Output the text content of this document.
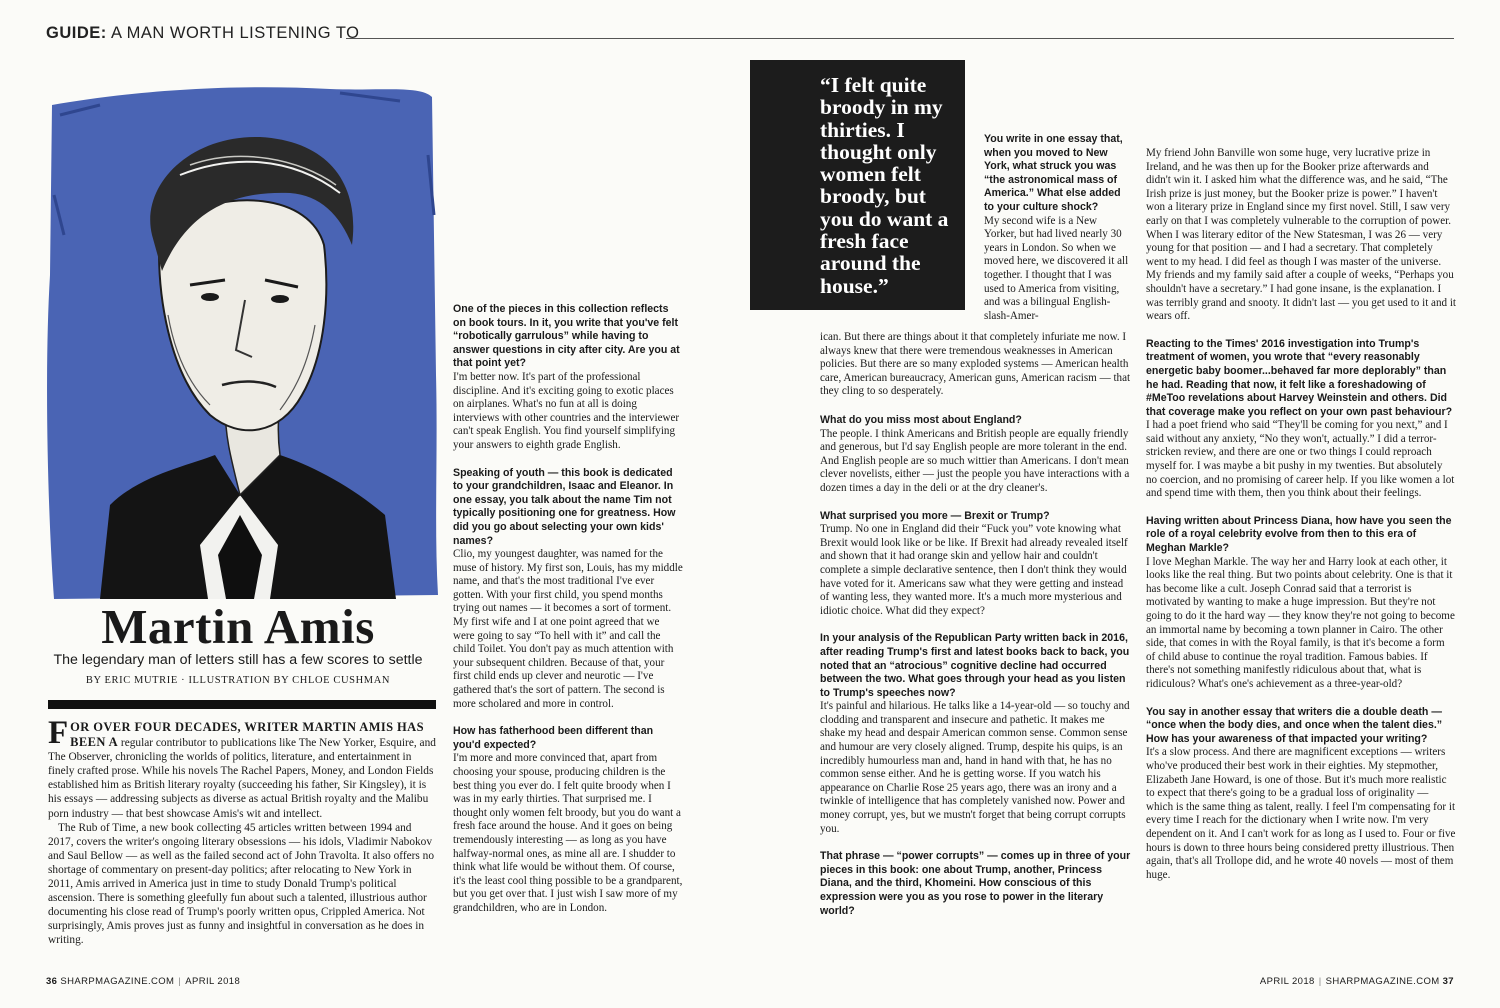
GUIDE: A MAN WORTH LISTENING TO
Martin Amis
The legendary man of letters still has a few scores to settle
BY ERIC MUTRIE · ILLUSTRATION BY CHLOE CUSHMAN

FOR OVER FOUR DECADES, WRITER MARTIN AMIS HAS BEEN A regular contributor to publications like The New Yorker, Esquire, and The Observer, chronicling the worlds of politics, literature, and entertainment in finely crafted prose. While his novels The Rachel Papers, Money, and London Fields established him as British literary royalty (succeeding his father, Sir Kingsley), it is his essays — addressing subjects as diverse as actual British royalty and the Malibu porn industry — that best showcase Amis's wit and intellect.

The Rub of Time, a new book collecting 45 articles written between 1994 and 2017, covers the writer's ongoing literary obsessions — his idols, Vladimir Nabokov and Saul Bellow — as well as the failed second act of John Travolta. It also offers no shortage of commentary on present-day politics; after relocating to New York in 2011, Amis arrived in America just in time to study Donald Trump's political ascension. There is something gleefully fun about such a talented, illustrious author documenting his close read of Trump's poorly written opus, Crippled America. Not surprisingly, Amis proves just as funny and insightful in conversation as he does in writing.

One of the pieces in this collection reflects on book tours. In it, you write that you've felt “robotically garrulous” while having to answer questions in city after city. Are you at that point yet?

I'm better now. It's part of the professional discipline. And it's exciting going to exotic places on airplanes. What's no fun at all is doing interviews with other countries and the interviewer can't speak English. You find yourself simplifying your answers to eighth grade English.

Speaking of youth — this book is dedicated to your grandchildren, Isaac and Eleanor. In one essay, you talk about the name Tim not typically positioning one for greatness. How did you go about selecting your own kids' names?

Clio, my youngest daughter, was named for the muse of history. My first son, Louis, has my middle name, and that's the most traditional I've ever gotten. With your first child, you spend months trying out names — it becomes a sort of torment. My first wife and I at one point agreed that we were going to say “To hell with it” and call the child Toilet. You don't pay as much attention with your subsequent children. Because of that, your first child ends up clever and neurotic — I've gathered that's the sort of pattern. The second is more scholared and more in control.

How has fatherhood been different than you'd expected?

I'm more and more convinced that, apart from choosing your spouse, producing children is the best thing you ever do. I felt quite broody when I was in my early thirties. That surprised me. I thought only women felt broody, but you do want a fresh face around the house. And it goes on being tremendously interesting — as long as you have halfway-normal ones, as mine all are. I shudder to think what life would be without them. Of course, it's the least cool thing possible to be a grandparent, but you get over that. I just wish I saw more of my grandchildren, who are in London.

“I felt quite broody in my thirties. I thought only women felt broody, but you do want a fresh face around the house.”

You write in one essay that, when you moved to New York, what struck you was “the astronomical mass of America.” What else added to your culture shock?

My second wife is a New Yorker, but had lived nearly 30 years in London. So when we moved here, we discovered it all together. I thought that I was used to America from visiting, and was a bilingual English-slash-Amer-

ican. But there are things about it that completely infuriate me now. I always knew that there were tremendous weaknesses in American policies. But there are so many exploded systems — American health care, American bureaucracy, American guns, American racism — that they cling to so desperately.

What do you miss most about England?

The people. I think Americans and British people are equally friendly and generous, but I'd say English people are more tolerant in the end. And English people are so much wittier than Americans. I don't mean clever novelists, either — just the people you have interactions with a dozen times a day in the deli or at the dry cleaner's.

What surprised you more — Brexit or Trump?

Trump. No one in England did their “Fuck you” vote knowing what Brexit would look like or be like. If Brexit had already revealed itself and shown that it had orange skin and yellow hair and couldn't complete a simple declarative sentence, then I don't think they would have voted for it. Americans saw what they were getting and instead of wanting less, they wanted more. It's a much more mysterious and idiotic choice. What did they expect?

In your analysis of the Republican Party written back in 2016, after reading Trump's first and latest books back to back, you noted that an “atrocious” cognitive decline had occurred between the two. What goes through your head as you listen to Trump's speeches now?

It's painful and hilarious. He talks like a 14-year-old — so touchy and clodding and transparent and insecure and pathetic. It makes me shake my head and despair American common sense. Common sense and humour are very closely aligned. Trump, despite his quips, is an incredibly humourless man and, hand in hand with that, he has no common sense either. And he is getting worse. If you watch his appearance on Charlie Rose 25 years ago, there was an irony and a twinkle of intelligence that has completely vanished now. Power and money corrupt, yes, but we mustn't forget that being corrupt corrupts you.

That phrase — “power corrupts” — comes up in three of your pieces in this book: one about Trump, another, Princess Diana, and the third, Khomeini. How conscious of this expression were you as you rose to power in the literary world?

My friend John Banville won some huge, very lucrative prize in Ireland, and he was then up for the Booker prize afterwards and didn't win it. I asked him what the difference was, and he said, “The Irish prize is just money, but the Booker prize is power.” I haven't won a literary prize in England since my first novel. Still, I saw very early on that I was completely vulnerable to the corruption of power. When I was literary editor of the New Statesman, I was 26 — very young for that position — and I had a secretary. That completely went to my head. I did feel as though I was master of the universe. My friends and my family said after a couple of weeks, “Perhaps you shouldn't have a secretary.” I had gone insane, is the explanation. I was terribly grand and snooty. It didn't last — you get used to it and it wears off.

Reacting to the Times' 2016 investigation into Trump's treatment of women, you wrote that “every reasonably energetic baby boomer...behaved far more deplorably” than he had. Reading that now, it felt like a foreshadowing of #MeToo revelations about Harvey Weinstein and others. Did that coverage make you reflect on your own past behaviour?

I had a poet friend who said “They'll be coming for you next,” and I said without any anxiety, “No they won't, actually.” I did a terror-stricken review, and there are one or two things I could reproach myself for. I was maybe a bit pushy in my twenties. But absolutely no coercion, and no promising of career help. If you like women a lot and spend time with them, then you think about their feelings.

Having written about Princess Diana, how have you seen the role of a royal celebrity evolve from then to this era of Meghan Markle?

I love Meghan Markle. The way her and Harry look at each other, it looks like the real thing. But two points about celebrity. One is that it has become like a cult. Joseph Conrad said that a terrorist is motivated by wanting to make a huge impression. But they're not going to do it the hard way — they know they're not going to become an immortal name by becoming a town planner in Cairo. The other side, that comes in with the Royal family, is that it's become a form of child abuse to continue the royal tradition. Famous babies. If there's not something manifestly ridiculous about that, what is ridiculous? What's one's achievement as a three-year-old?

You say in another essay that writers die a double death — “once when the body dies, and once when the talent dies.” How has your awareness of that impacted your writing?

It's a slow process. And there are magnificent exceptions — writers who've produced their best work in their eighties. My stepmother, Elizabeth Jane Howard, is one of those. But it's much more realistic to expect that there's going to be a gradual loss of originality — which is the same thing as talent, really. I feel I'm compensating for it every time I reach for the dictionary when I write now. I'm very dependent on it. And I can't work for as long as I used to. Four or five hours is down to three hours being considered pretty illustrious. Then again, that's all Trollope did, and he wrote 40 novels — most of them huge.

36 SHARPMAGAZINE.COM | APRIL 2018	APRIL 2018 | SHARPMAGAZINE.COM 37
